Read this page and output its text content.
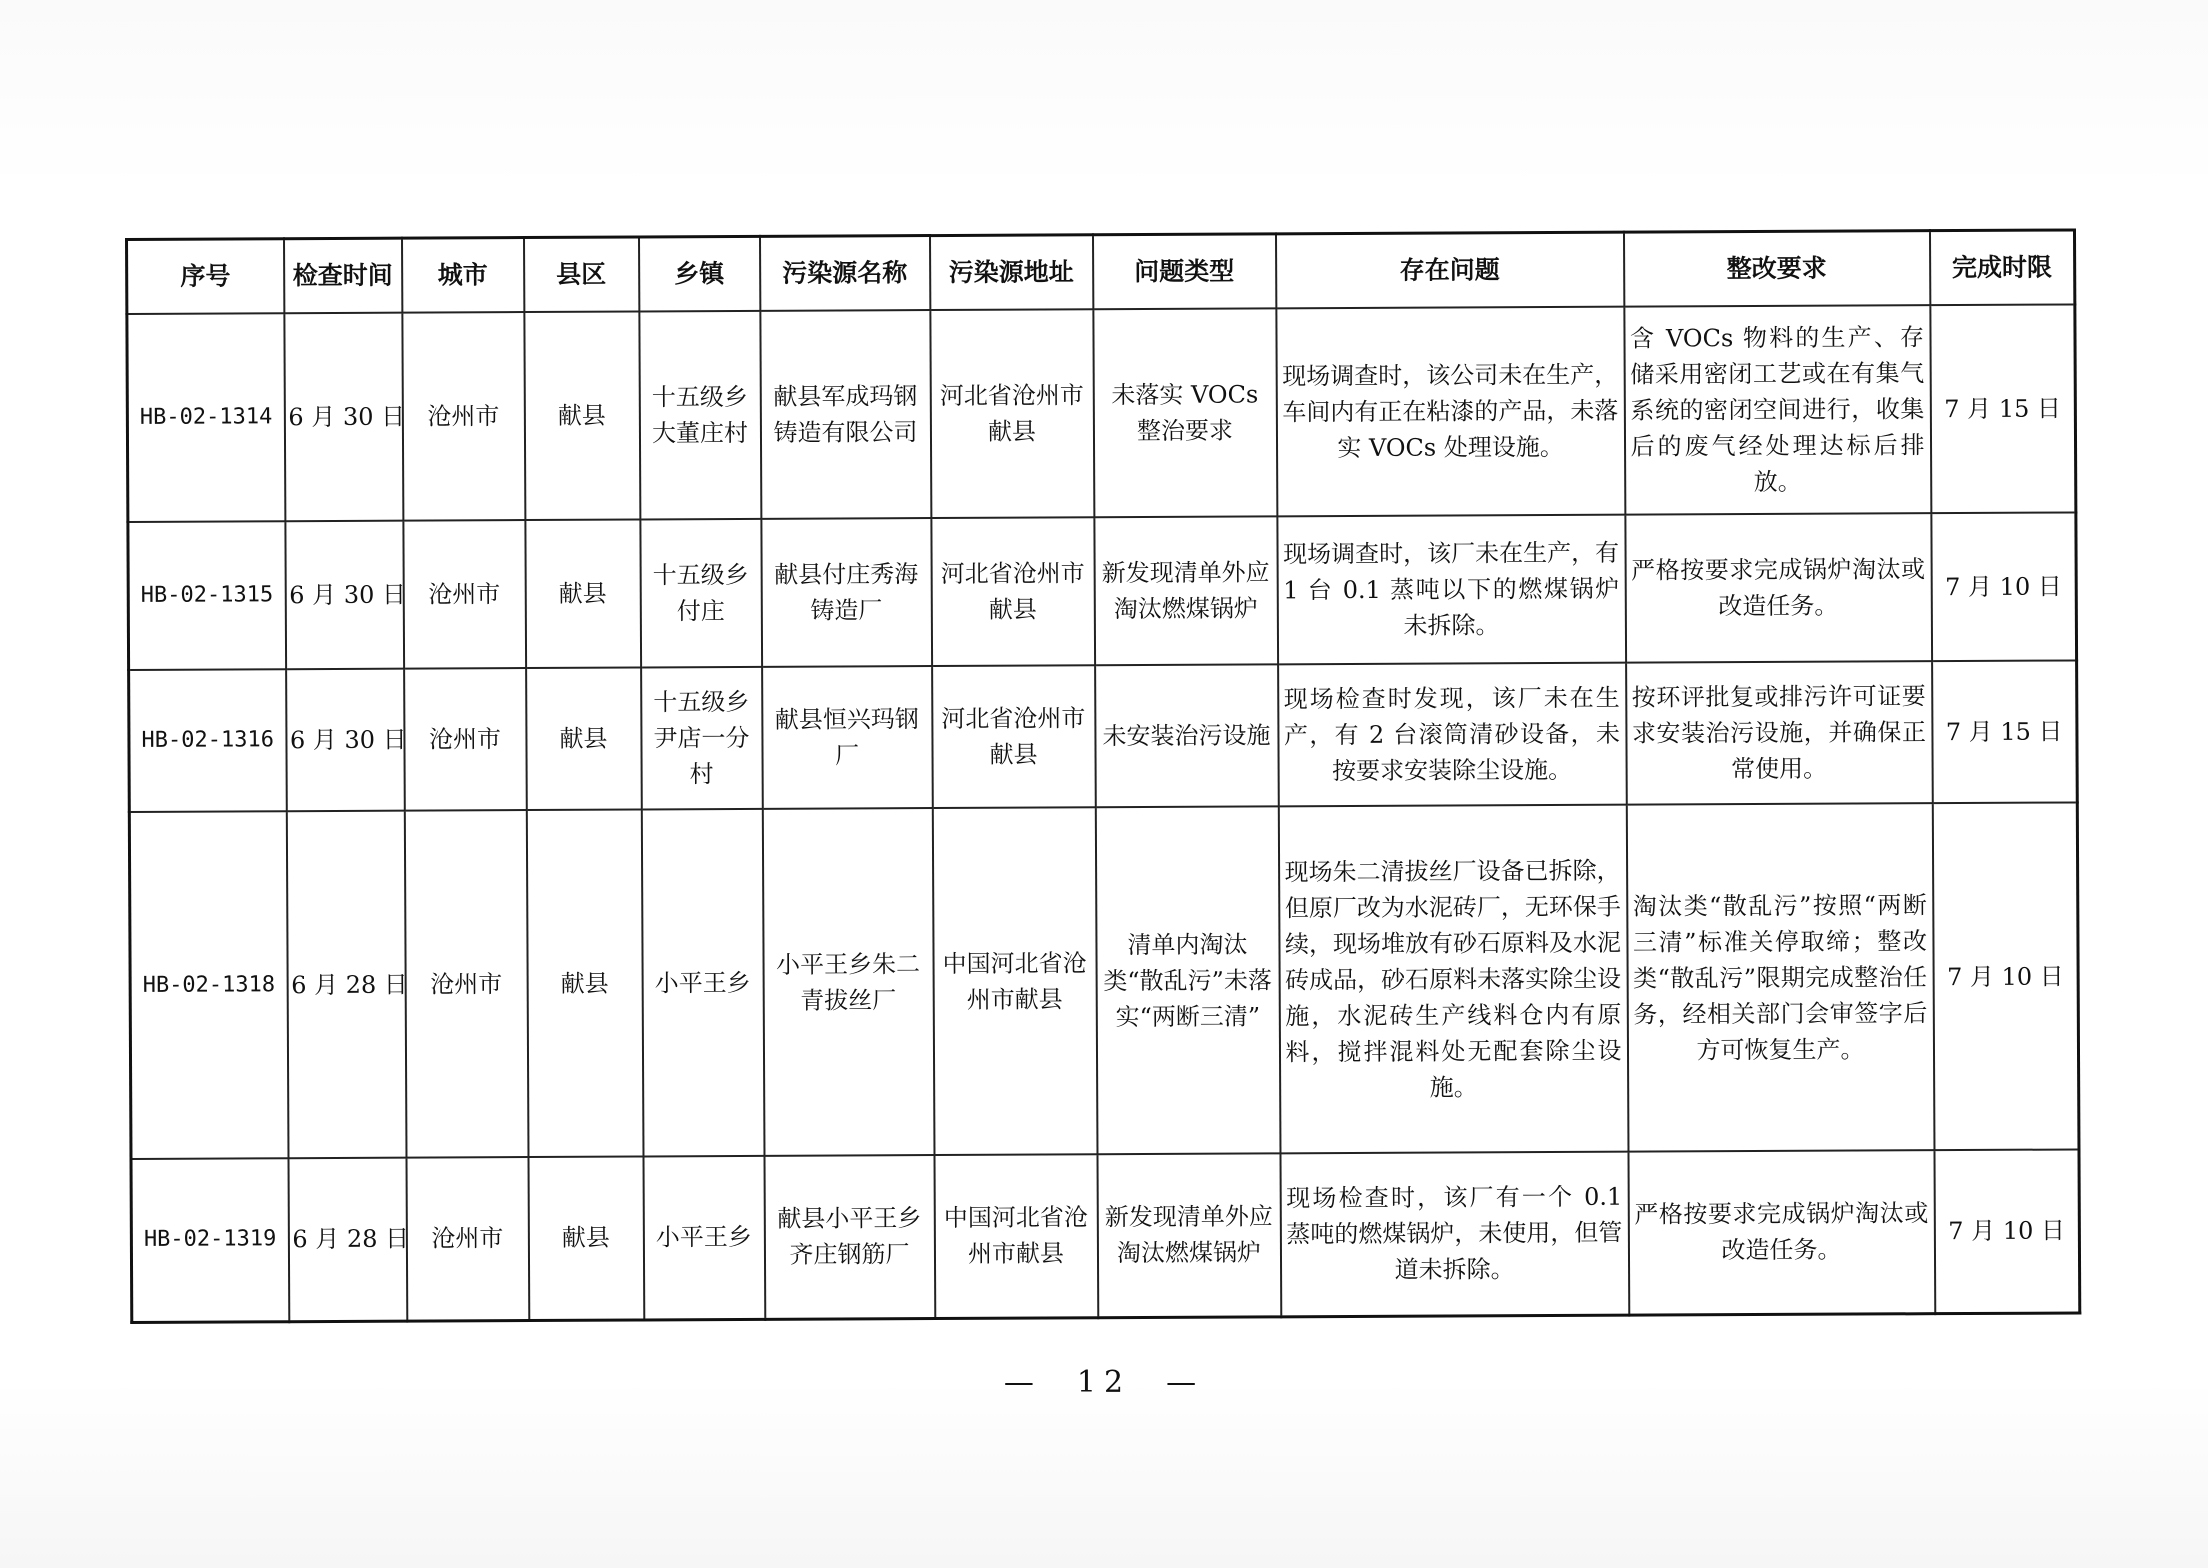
序号	检查时间	城市	县区	乡镇	污染源名称	污染源地址	问题类型	存在问题	整改要求	完成时限
HB-02-1314	6 月 30 日	沧州市	献县	十五级乡大董庄村	献县军成玛钢铸造有限公司	河北省沧州市献县	未落实 VOCs 整治要求	现场调查时，该公司未在生产，车间内有正在粘漆的产品，未落实 VOCs 处理设施。	含 VOCs 物料的生产、存储采用密闭工艺或在有集气系统的密闭空间进行，收集后的废气经处理达标后排放。	7 月 15 日
HB-02-1315	6 月 30 日	沧州市	献县	十五级乡付庄	献县付庄秀海铸造厂	河北省沧州市献县	新发现清单外应淘汰燃煤锅炉	现场调查时，该厂未在生产，有 1 台 0.1 蒸吨以下的燃煤锅炉未拆除。	严格按要求完成锅炉淘汰或改造任务。	7 月 10 日
HB-02-1316	6 月 30 日	沧州市	献县	十五级乡尹店一分村	献县恒兴玛钢厂	河北省沧州市献县	未安装治污设施	现场检查时发现，该厂未在生产，有 2 台滚筒清砂设备，未按要求安装除尘设施。	按环评批复或排污许可证要求安装治污设施，并确保正常使用。	7 月 15 日
HB-02-1318	6 月 28 日	沧州市	献县	小平王乡	小平王乡朱二青拔丝厂	中国河北省沧州市献县	清单内淘汰类“散乱污”未落实“两断三清”	现场朱二清拔丝厂设备已拆除，但原厂改为水泥砖厂，无环保手续，现场堆放有砂石原料及水泥砖成品，砂石原料未落实除尘设施，水泥砖生产线料仓内有原料，搅拌混料处无配套除尘设施。	淘汰类“散乱污”按照“两断三清”标准关停取缔；整改类“散乱污”限期完成整治任务，经相关部门会审签字后方可恢复生产。	7 月 10 日
HB-02-1319	6 月 28 日	沧州市	献县	小平王乡	献县小平王乡齐庄钢筋厂	中国河北省沧州市献县	新发现清单外应淘汰燃煤锅炉	现场检查时，该厂有一个 0.1 蒸吨的燃煤锅炉，未使用，但管道未拆除。	严格按要求完成锅炉淘汰或改造任务。	7 月 10 日
—  12  —
